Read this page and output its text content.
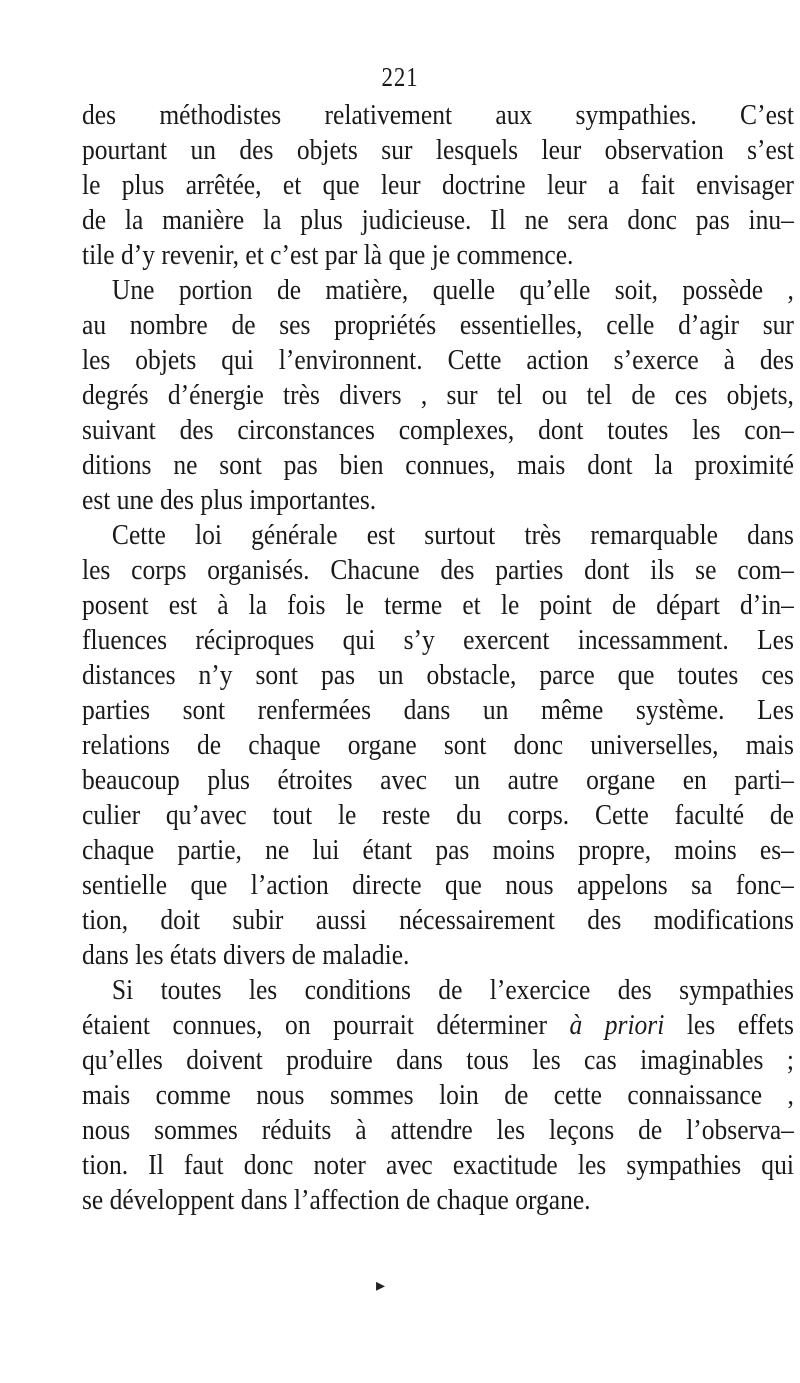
221
des méthodistes relativement aux sympathies. C’est
pourtant un des objets sur lesquels leur observation s’est
le plus arrêtée, et que leur doctrine leur a fait envisager
de la manière la plus judicieuse. Il ne sera donc pas inu–
tile d’y revenir, et c’est par là que je commence.
Une portion de matière, quelle qu’elle soit, possède ,
au nombre de ses propriétés essentielles, celle d’agir sur
les objets qui l’environnent. Cette action s’exerce à des
degrés d’énergie très divers , sur tel ou tel de ces objets,
suivant des circonstances complexes, dont toutes les con–
ditions ne sont pas bien connues, mais dont la proximité
est une des plus importantes.
Cette loi générale est surtout très remarquable dans
les corps organisés. Chacune des parties dont ils se com–
posent est à la fois le terme et le point de départ d’in–
fluences réciproques qui s’y exercent incessamment. Les
distances n’y sont pas un obstacle, parce que toutes ces
parties sont renfermées dans un même système. Les
relations de chaque organe sont donc universelles, mais
beaucoup plus étroites avec un autre organe en parti–
culier qu’avec tout le reste du corps. Cette faculté de
chaque partie, ne lui étant pas moins propre, moins es–
sentielle que l’action directe que nous appelons sa fonc–
tion, doit subir aussi nécessairement des modifications
dans les états divers de maladie.
Si toutes les conditions de l’exercice des sympathies
étaient connues, on pourrait déterminer à priori les effets
qu’elles doivent produire dans tous les cas imaginables ;
mais comme nous sommes loin de cette connaissance ,
nous sommes réduits à attendre les leçons de l’observa–
tion. Il faut donc noter avec exactitude les sympathies qui
se développent dans l’affection de chaque organe.
▸
